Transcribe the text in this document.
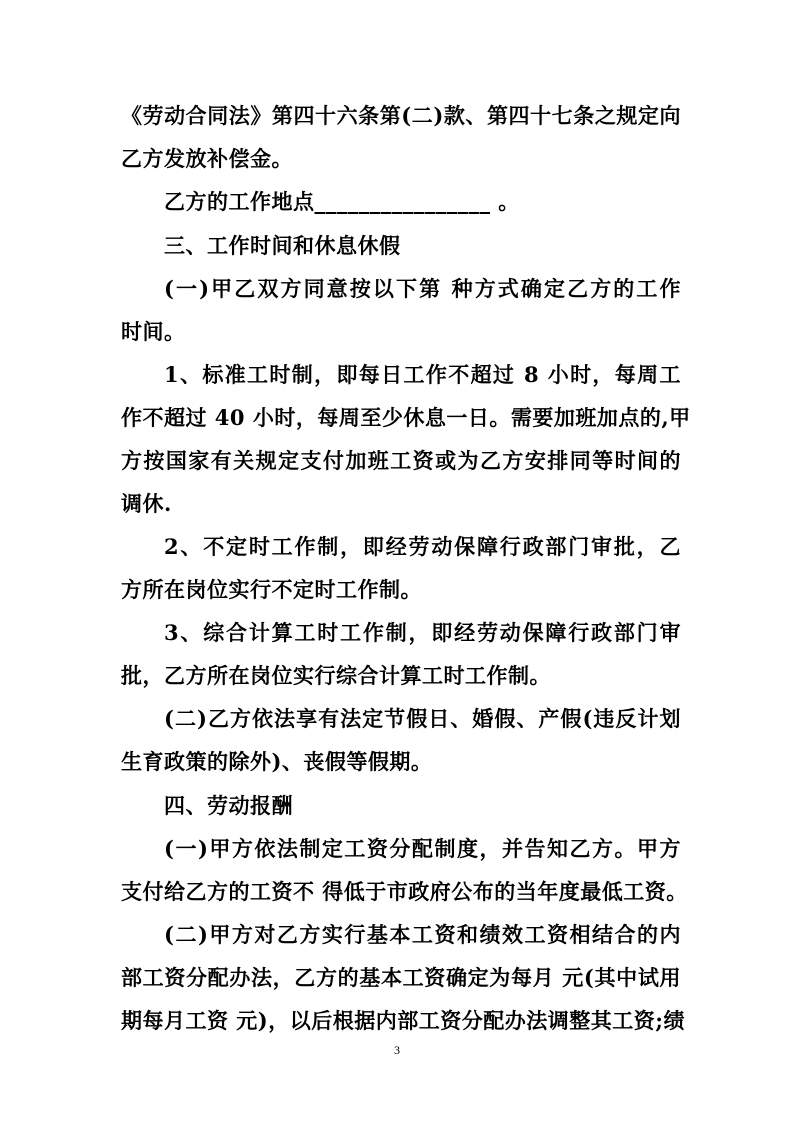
《劳动合同法》第四十六条第(二)款、第四十七条之规定向
乙方发放补偿金。
乙方的工作地点________________ 。
三、工作时间和休息休假
(一)甲乙双方同意按以下第 种方式确定乙方的工作
时间。
1、标准工时制，即每日工作不超过 8 小时，每周工
作不超过 40 小时，每周至少休息一日。需要加班加点的,甲
方按国家有关规定支付加班工资或为乙方安排同等时间的
调休.
2、不定时工作制，即经劳动保障行政部门审批，乙
方所在岗位实行不定时工作制。
3、综合计算工时工作制，即经劳动保障行政部门审
批，乙方所在岗位实行综合计算工时工作制。
(二)乙方依法享有法定节假日、婚假、产假(违反计划
生育政策的除外)、丧假等假期。
四、劳动报酬
(一)甲方依法制定工资分配制度，并告知乙方。甲方
支付给乙方的工资不 得低于市政府公布的当年度最低工资。
(二)甲方对乙方实行基本工资和绩效工资相结合的内
部工资分配办法，乙方的基本工资确定为每月 元(其中试用
期每月工资 元)，以后根据内部工资分配办法调整其工资;绩
3
